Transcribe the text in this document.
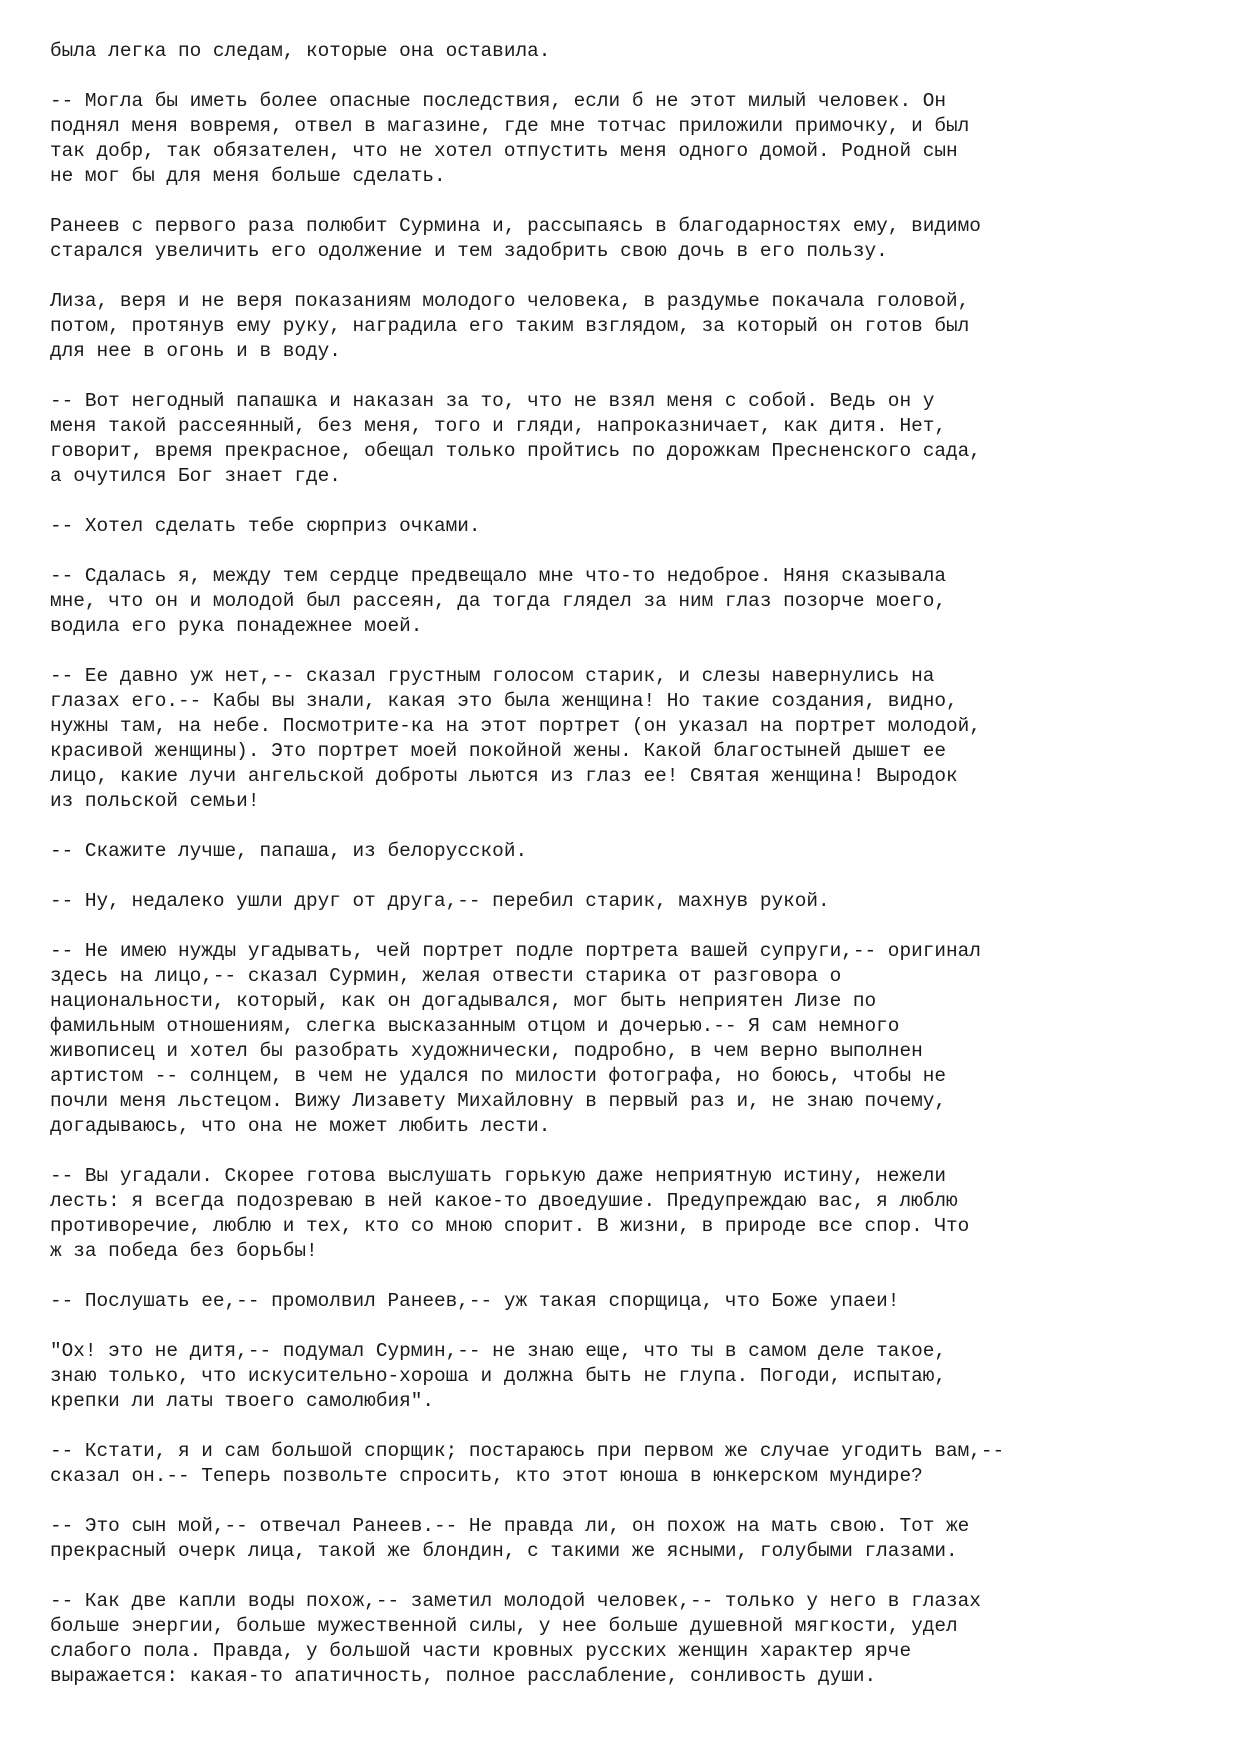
была легка по следам, которые она оставила.

-- Могла бы иметь более опасные последствия, если б не этот милый человек. Он
поднял меня вовремя, отвел в магазине, где мне тотчас приложили примочку, и был
так добр, так обязателен, что не хотел отпустить меня одного домой. Родной сын
не мог бы для меня больше сделать.

Ранеев с первого раза полюбит Сурмина и, рассыпаясь в благодарностях ему, видимо
старался увеличить его одолжение и тем задобрить свою дочь в его пользу.

Лиза, веря и не веря показаниям молодого человека, в раздумье покачала головой,
потом, протянув ему руку, наградила его таким взглядом, за который он готов был
для нее в огонь и в воду.

-- Вот негодный папашка и наказан за то, что не взял меня с собой. Ведь он у
меня такой рассеянный, без меня, того и гляди, напроказничает, как дитя. Нет,
говорит, время прекрасное, обещал только пройтись по дорожкам Пресненского сада,
а очутился Бог знает где.

-- Хотел сделать тебе сюрприз очками.

-- Сдалась я, между тем сердце предвещало мне что-то недоброе. Няня сказывала
мне, что он и молодой был рассеян, да тогда глядел за ним глаз позорче моего,
водила его рука понадежнее моей.

-- Ее давно уж нет,-- сказал грустным голосом старик, и слезы навернулись на
глазах его.-- Кабы вы знали, какая это была женщина! Но такие создания, видно,
нужны там, на небе. Посмотрите-ка на этот портрет (он указал на портрет молодой,
красивой женщины). Это портрет моей покойной жены. Какой благостыней дышет ее
лицо, какие лучи ангельской доброты льются из глаз ее! Святая женщина! Выродок
из польской семьи!

-- Скажите лучше, папаша, из белорусской.

-- Ну, недалеко ушли друг от друга,-- перебил старик, махнув рукой.

-- Не имею нужды угадывать, чей портрет подле портрета вашей супруги,-- оригинал
здесь на лицо,-- сказал Сурмин, желая отвести старика от разговора о
национальности, который, как он догадывался, мог быть неприятен Лизе по
фамильным отношениям, слегка высказанным отцом и дочерью.-- Я сам немного
живописец и хотел бы разобрать художнически, подробно, в чем верно выполнен
артистом -- солнцем, в чем не удался по милости фотографа, но боюсь, чтобы не
почли меня льстецом. Вижу Лизавету Михайловну в первый раз и, не знаю почему,
догадываюсь, что она не может любить лести.

-- Вы угадали. Скорее готова выслушать горькую даже неприятную истину, нежели
лесть: я всегда подозреваю в ней какое-то двоедушие. Предупреждаю вас, я люблю
противоречие, люблю и тех, кто со мною спорит. В жизни, в природе все спор. Что
ж за победа без борьбы!

-- Послушать ее,-- промолвил Ранеев,-- уж такая спорщица, что Боже упаеи!

"Ох! это не дитя,-- подумал Сурмин,-- не знаю еще, что ты в самом деле такое,
знаю только, что искусительно-хороша и должна быть не глупа. Погоди, испытаю,
крепки ли латы твоего самолюбия".

-- Кстати, я и сам большой спорщик; постараюсь при первом же случае угодить вам,--
сказал он.-- Теперь позвольте спросить, кто этот юноша в юнкерском мундире?

-- Это сын мой,-- отвечал Ранеев.-- Не правда ли, он похож на мать свою. Тот же
прекрасный очерк лица, такой же блондин, с такими же ясными, голубыми глазами.

-- Как две капли воды похож,-- заметил молодой человек,-- только у него в глазах
больше энергии, больше мужественной силы, у нее больше душевной мягкости, удел
слабого пола. Правда, у большой части кровных русских женщин характер ярче
выражается: какая-то апатичность, полное расслабление, сонливость души.
